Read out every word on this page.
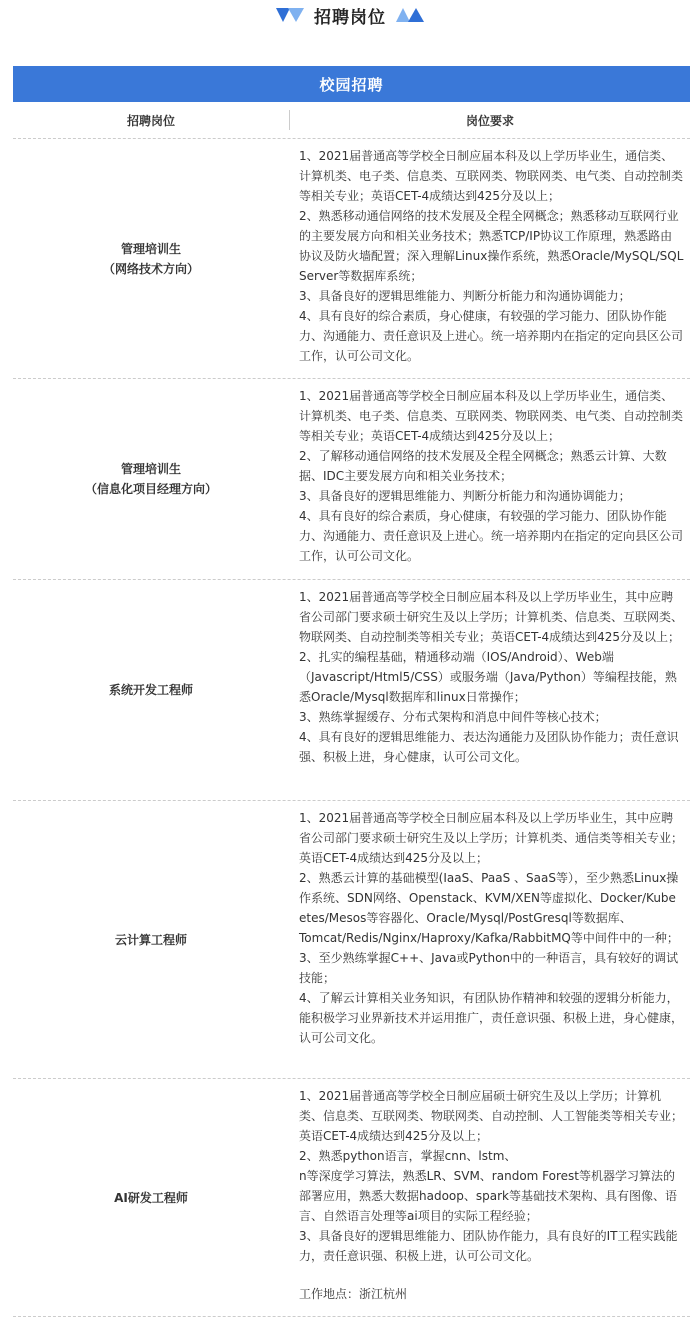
招聘岗位
校园招聘
招聘岗位	岗位要求
管理培训生
（网络技术方向）

1、2021届普通高等学校全日制应届本科及以上学历毕业生，通信类、计算机类、电子类、信息类、互联网类、物联网类、电气类、自动控制类等相关专业；英语CET-4成绩达到425分及以上；

2、熟悉移动通信网络的技术发展及全程全网概念；熟悉移动互联网行业的主要发展方向和相关业务技术；熟悉TCP/IP协议工作原理，熟悉路由协议及防火墙配置；深入理解Linux操作系统，熟悉Oracle/MySQL/SQL Server等数据库系统；

3、具备良好的逻辑思维能力、判断分析能力和沟通协调能力；

4、具有良好的综合素质，身心健康，有较强的学习能力、团队协作能力、沟通能力、责任意识及上进心。统一培养期内在指定的定向县区公司工作，认可公司文化。

管理培训生
（信息化项目经理方向）

1、2021届普通高等学校全日制应届本科及以上学历毕业生，通信类、计算机类、电子类、信息类、互联网类、物联网类、电气类、自动控制类等相关专业；英语CET-4成绩达到425分及以上；

2、了解移动通信网络的技术发展及全程全网概念；熟悉云计算、大数据、IDC主要发展方向和相关业务技术；

3、具备良好的逻辑思维能力、判断分析能力和沟通协调能力；

4、具有良好的综合素质，身心健康，有较强的学习能力、团队协作能力、沟通能力、责任意识及上进心。统一培养期内在指定的定向县区公司工作，认可公司文化。

系统开发工程师

1、2021届普通高等学校全日制应届本科及以上学历毕业生，其中应聘省公司部门要求硕士研究生及以上学历；计算机类、信息类、互联网类、物联网类、自动控制类等相关专业；英语CET-4成绩达到425分及以上；

2、扎实的编程基础，精通移动端（IOS/Android）、Web端（Javascript/Html5/CSS）或服务端（Java/Python）等编程技能，熟悉Oracle/Mysql数据库和linux日常操作；

3、熟练掌握缓存、分布式架构和消息中间件等核心技术；

4、具有良好的逻辑思维能力、表达沟通能力及团队协作能力；责任意识强、积极上进，身心健康，认可公司文化。

云计算工程师

1、2021届普通高等学校全日制应届本科及以上学历毕业生，其中应聘省公司部门要求硕士研究生及以上学历；计算机类、通信类等相关专业；英语CET-4成绩达到425分及以上；

2、熟悉云计算的基础模型(IaaS、PaaS 、SaaS等），至少熟悉Linux操作系统、SDN网络、Openstack、KVM/XEN等虚拟化、Docker/Kube

etes/Mesos等容器化、Oracle/Mysql/PostGresql等数据库、Tomcat/Redis/Nginx/Haproxy/Kafka/RabbitMQ等中间件中的一种；

3、至少熟练掌握C++、Java或Python中的一种语言，具有较好的调试技能；

4、了解云计算相关业务知识，有团队协作精神和较强的逻辑分析能力，能积极学习业界新技术并运用推广，责任意识强、积极上进，身心健康，认可公司文化。

AI研发工程师

1、2021届普通高等学校全日制应届硕士研究生及以上学历；计算机类、信息类、互联网类、物联网类、自动控制、人工智能类等相关专业；英语CET-4成绩达到425分及以上；

2、熟悉python语言，掌握cnn、lstm、

n等深度学习算法，熟悉LR、SVM、random Forest等机器学习算法的部署应用，熟悉大数据hadoop、spark等基础技术架构、具有图像、语言、自然语言处理等ai项目的实际工程经验；

3、具备良好的逻辑思维能力、团队协作能力，具有良好的IT工程实践能力，责任意识强、积极上进，认可公司文化。

工作地点：浙江杭州
